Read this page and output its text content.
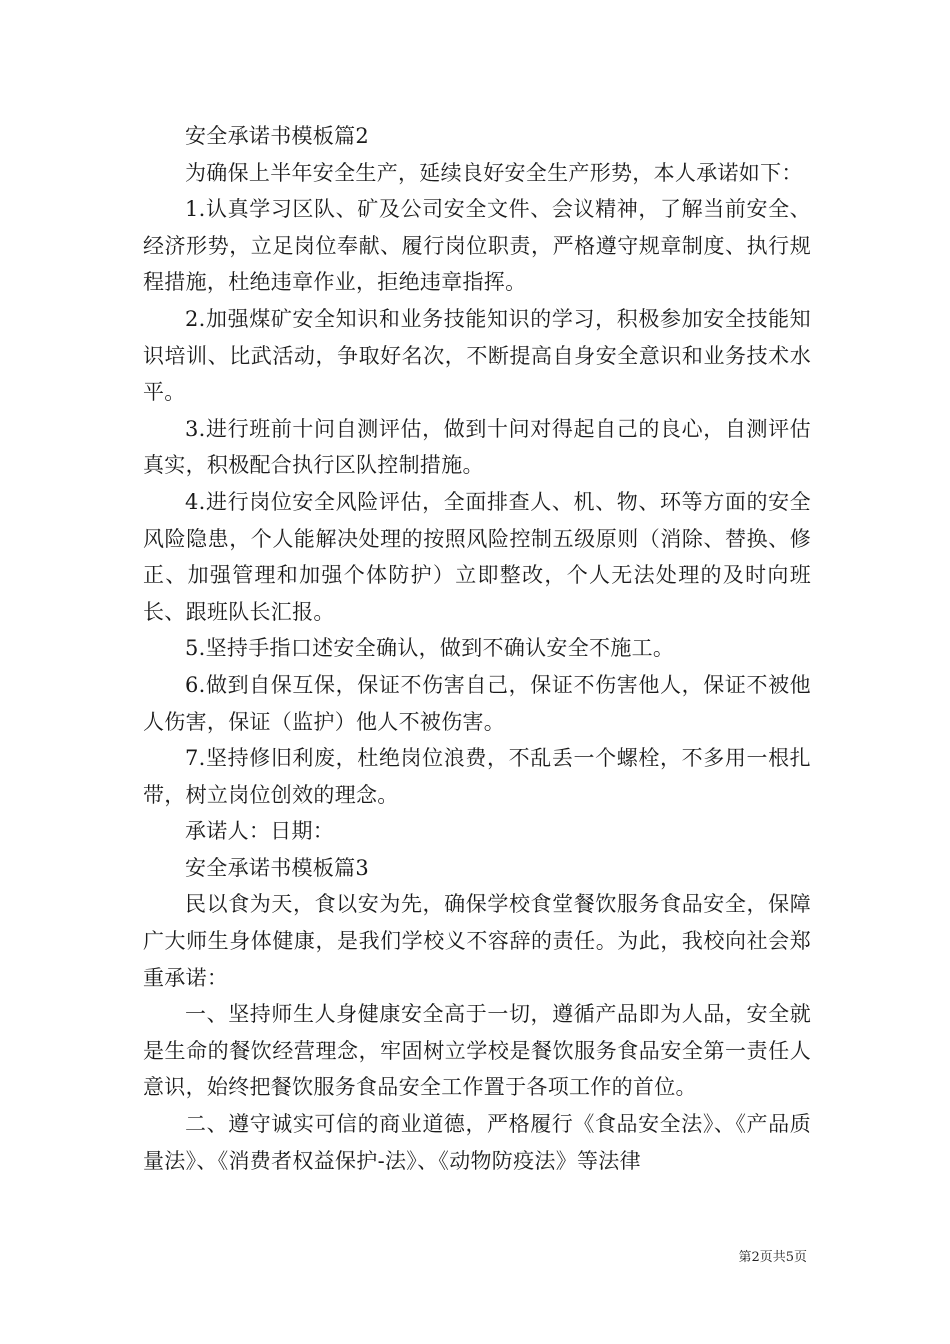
安全承诺书模板篇2

为确保上半年安全生产，延续良好安全生产形势，本人承诺如下：

1.认真学习区队、矿及公司安全文件、会议精神，了解当前安全、经济形势，立足岗位奉献、履行岗位职责，严格遵守规章制度、执行规程措施，杜绝违章作业，拒绝违章指挥。

2.加强煤矿安全知识和业务技能知识的学习，积极参加安全技能知识培训、比武活动，争取好名次，不断提高自身安全意识和业务技术水平。

3.进行班前十问自测评估，做到十问对得起自己的良心，自测评估真实，积极配合执行区队控制措施。

4.进行岗位安全风险评估，全面排查人、机、物、环等方面的安全风险隐患，个人能解决处理的按照风险控制五级原则（消除、替换、修正、加强管理和加强个体防护）立即整改，个人无法处理的及时向班长、跟班队长汇报。

5.坚持手指口述安全确认，做到不确认安全不施工。

6.做到自保互保，保证不伤害自己，保证不伤害他人，保证不被他人伤害，保证（监护）他人不被伤害。

7.坚持修旧利废，杜绝岗位浪费，不乱丢一个螺栓，不多用一根扎带，树立岗位创效的理念。

承诺人：日期：

安全承诺书模板篇3

民以食为天，食以安为先，确保学校食堂餐饮服务食品安全，保障广大师生身体健康，是我们学校义不容辞的责任。为此，我校向社会郑重承诺：

一、坚持师生人身健康安全高于一切，遵循产品即为人品，安全就是生命的餐饮经营理念，牢固树立学校是餐饮服务食品安全第一责任人意识，始终把餐饮服务食品安全工作置于各项工作的首位。

二、遵守诚实可信的商业道德，严格履行《食品安全法》、《产品质量法》、《消费者权益保护-法》、《动物防疫法》等法律

第2页共5页
